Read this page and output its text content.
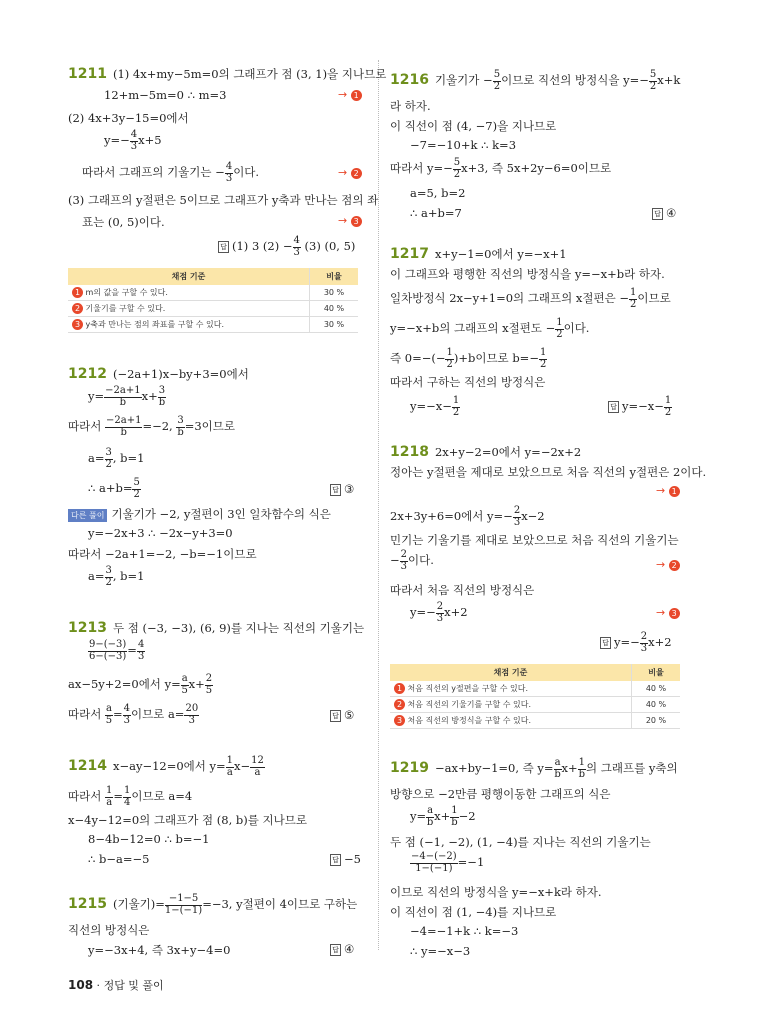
1211 (1) 4x+my−5m=0의 그래프가 점 (3, 1)을 지나므로
12+m−5m=0 ∴ m=3	→ 1
(2) 4x+3y−15=0에서
$y=- \frac{4}{3} x+5$
따라서 그래프의 기울기는 − $\frac{4}{3}$ 이다.	→ 2
(3) 그래프의 y절편은 5이므로 그래프가 y축과 만나는 점의 좌
표는 (0, 5)이다.	→ 3
답 (1) 3 $(2) - \frac{4}{3} (3)$ (0, 5)
채점 기준	비율
1 m의 값을 구할 수 있다.	30 %
2 기울기를 구할 수 있다.	40 %
3 y축과 만나는 점의 좌표를 구할 수 있다.	30 %
1212 (−2a+1)x−by+3=0에서
$y= \frac{-2a+1}{b} x+ \frac{3}{b}$
따라서 $\frac{-2a+1}{b} =-2$, $\frac{3}{b} =3$이므로
$a= \frac{3}{2}$ , b=1
∴ $a+b= \frac{5}{2}$	답 ③
다른 풀이 기울기가 −2, y절편이 3인 일차함수의 식은
y=−2x+3 ∴ −2x−y+3=0
따라서 −2a+1=−2, −b=−1이므로
$a= \frac{3}{2}$ , b=1
1213 두 점 (−3, −3), (6, 9)를 지나는 직선의 기울기는
$\frac{9-(-3)}{6-(-3)} = \frac{4}{3}$
ax−5y+2=0에서 $y= \frac{a}{5} x+ \frac{2}{5}$
따라서 $\frac{a}{5} = \frac{4}{3}$ 이므로 $a= \frac{20}{3}$	답 ⑤
1214 x−ay−12=0에서 $y= \frac{1}{a} x- \frac{12}{a}$
따라서 $\frac{1}{a} = \frac{1}{4}$ 이므로 a=4
x−4y−12=0의 그래프가 점 (8, b)를 지나므로
8−4b−12=0 ∴ b=−1
∴ b−a=−5	답 −5
1215 (기울기)= $\frac{-1-5}{1-(-1)} =-3$, y절편이 4이므로 구하는
직선의 방정식은
y=−3x+4, 즉 3x+y−4=0	답 ④
1216 기울기가 − $\frac{5}{2}$ 이므로 직선의 방정식을 $y=- \frac{5}{2} x+k$
라 하자.
이 직선이 점 (4, −7)을 지나므로
−7=−10+k ∴ k=3
따라서 $y=- \frac{5}{2} x+3$, 즉 5x+2y−6=0이므로
a=5, b=2
∴ a+b=7	답 ④
1217 x+y−1=0에서 y=−x+1
이 그래프와 평행한 직선의 방정식을 y=−x+b라 하자.
일차방정식 2x−y+1=0의 그래프의 x절편은 − $\frac{1}{2}$ 이므로
y=−x+b의 그래프의 x절편도 − $\frac{1}{2}$ 이다.
즉 $0=-(- \frac{1}{2} )+b$이므로 $b=- \frac{1}{2}$
따라서 구하는 직선의 방정식은
$y=-x- \frac{1}{2}$	답 $y=-x- \frac{1}{2}$
1218 2x+y−2=0에서 y=−2x+2
정아는 y절편을 제대로 보았으므로 처음 직선의 y절편은 2이다.
→ 1
2x+3y+6=0에서 $y=- \frac{2}{3} x-2$
민기는 기울기를 제대로 보았으므로 처음 직선의 기울기는
− $\frac{2}{3}$ 이다.	→ 2
따라서 처음 직선의 방정식은
$y=- \frac{2}{3} x+2$	→ 3
답 $y=- \frac{2}{3} x+2$
채점 기준	비율
1 처음 직선의 y절편을 구할 수 있다.	40 %
2 처음 직선의 기울기를 구할 수 있다.	40 %
3 처음 직선의 방정식을 구할 수 있다.	20 %
1219 −ax+by−1=0, 즉 $y= \frac{a}{b} x+ \frac{1}{b}$ 의 그래프를 y축의
방향으로 −2만큼 평행이동한 그래프의 식은
$y= \frac{a}{b} x+ \frac{1}{b} -2$
두 점 (−1, −2), (1, −4)를 지나는 직선의 기울기는
$\frac{-4-(-2)}{1-(-1)} =-1$
이므로 직선의 방정식을 y=−x+k라 하자.
이 직선이 점 (1, −4)를 지나므로
−4=−1+k ∴ k=−3
∴ y=−x−3
108 · 정답 및 풀이
